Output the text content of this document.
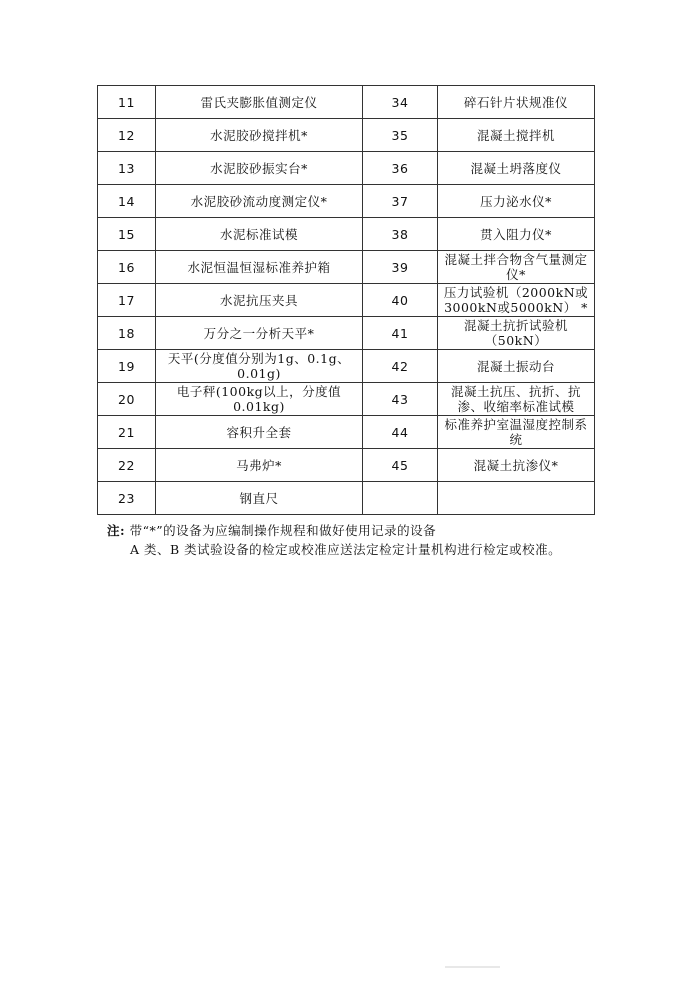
11	雷氏夹膨胀值测定仪	34	碎石针片状规准仪
12	水泥胶砂搅拌机*	35	混凝土搅拌机
13	水泥胶砂振实台*	36	混凝土坍落度仪
14	水泥胶砂流动度测定仪*	37	压力泌水仪*
15	水泥标准试模	38	贯入阻力仪*
16	水泥恒温恒湿标准养护箱	39	混凝土拌合物含气量测定仪*
17	水泥抗压夹具	40	压力试验机（2000kN或3000kN或5000kN） *
18	万分之一分析天平*	41	混凝土抗折试验机（50kN）
19	天平(分度值分别为1g、0.1g、0.01g)	42	混凝土振动台
20	电子秤(100kg以上，分度值0.01kg)	43	混凝土抗压、抗折、抗渗、收缩率标准试模
21	容积升全套	44	标准养护室温湿度控制系统
22	马弗炉*	45	混凝土抗渗仪*
23	钢直尺		
注: 带“*”的设备为应编制操作规程和做好使用记录的设备
A 类、B 类试验设备的检定或校准应送法定检定计量机构进行检定或校准。
